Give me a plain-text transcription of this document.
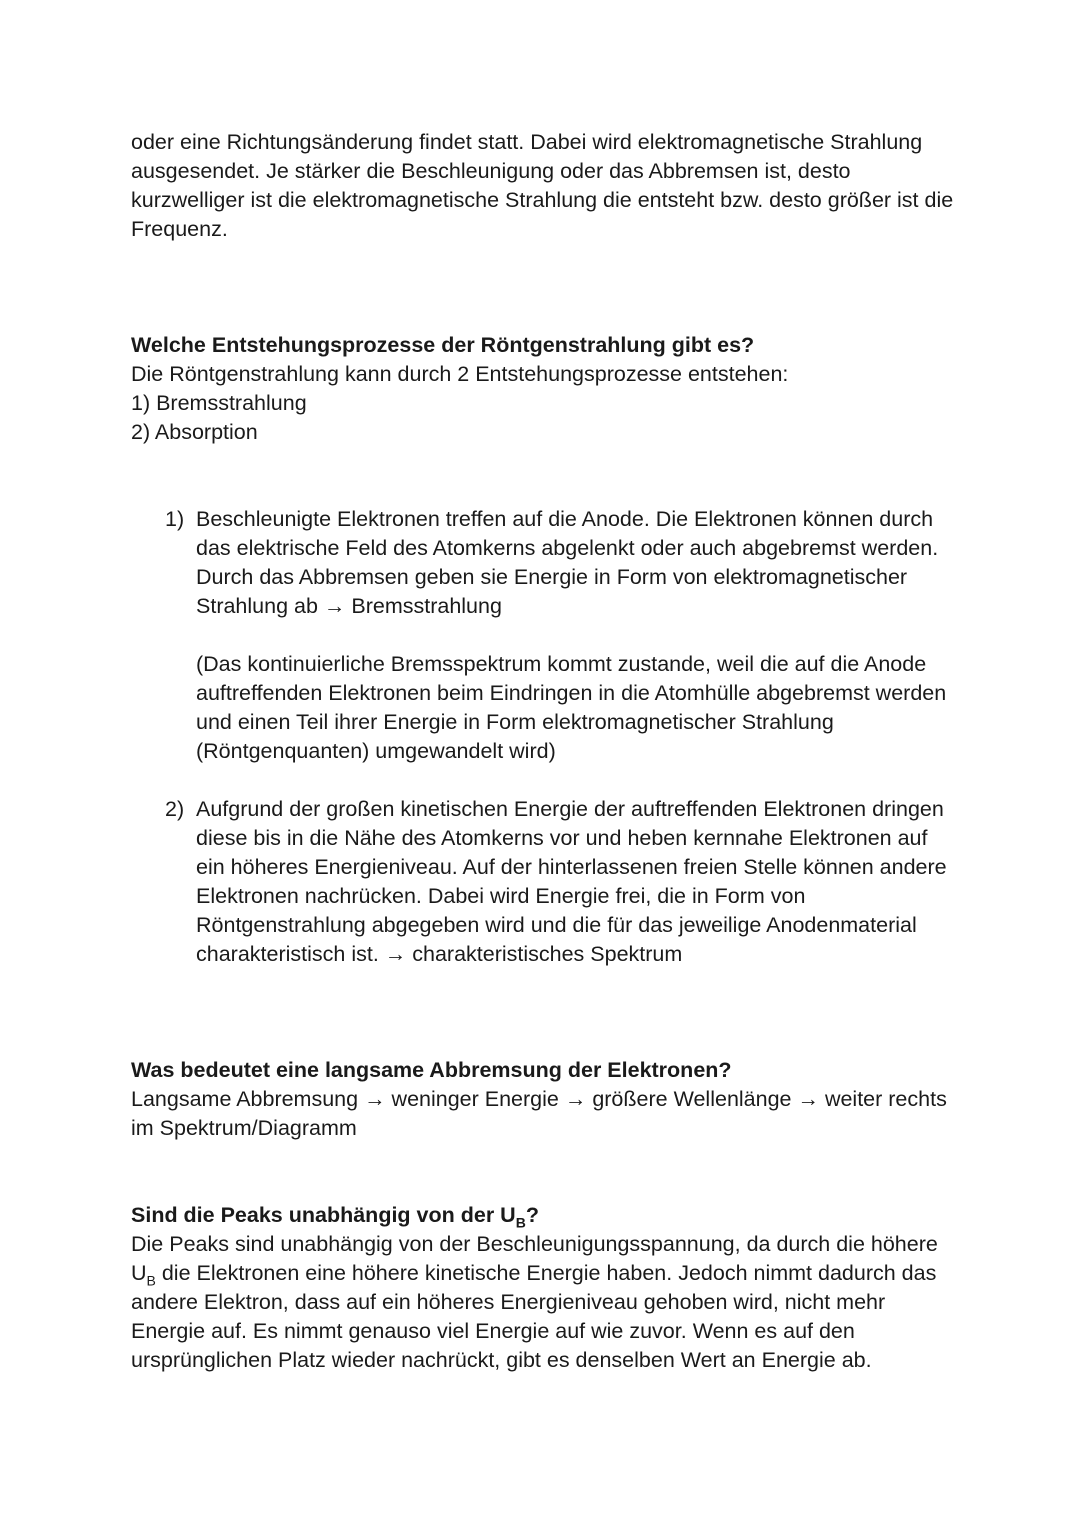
oder eine Richtungsänderung findet statt. Dabei wird elektromagnetische Strahlung ausgesendet. Je stärker die Beschleunigung oder das Abbremsen ist, desto kurzwelliger ist die elektromagnetische Strahlung die entsteht bzw. desto größer ist die Frequenz.

Welche Entstehungsprozesse der Röntgenstrahlung gibt es?

Die Röntgenstrahlung kann durch 2 Entstehungsprozesse entstehen:

1) Bremsstrahlung

2) Absorption

1) Beschleunigte Elektronen treffen auf die Anode. Die Elektronen können durch das elektrische Feld des Atomkerns abgelenkt oder auch abgebremst werden. Durch das Abbremsen geben sie Energie in Form von elektromagnetischer Strahlung ab → Bremsstrahlung

(Das kontinuierliche Bremsspektrum kommt zustande, weil die auf die Anode auftreffenden Elektronen beim Eindringen in die Atomhülle abgebremst werden und einen Teil ihrer Energie in Form elektromagnetischer Strahlung (Röntgenquanten) umgewandelt wird)

2) Aufgrund der großen kinetischen Energie der auftreffenden Elektronen dringen diese bis in die Nähe des Atomkerns vor und heben kernnahe Elektronen auf ein höheres Energieniveau. Auf der hinterlassenen freien Stelle können andere Elektronen nachrücken. Dabei wird Energie frei, die in Form von Röntgenstrahlung abgegeben wird und die für das jeweilige Anodenmaterial charakteristisch ist. → charakteristisches Spektrum

Was bedeutet eine langsame Abbremsung der Elektronen?

Langsame Abbremsung → weninger Energie → größere Wellenlänge → weiter rechts im Spektrum/Diagramm

Sind die Peaks unabhängig von der $U_B$?

Die Peaks sind unabhängig von der Beschleunigungsspannung, da durch die höhere $U_B$ die Elektronen eine höhere kinetische Energie haben. Jedoch nimmt dadurch das andere Elektron, dass auf ein höheres Energieniveau gehoben wird, nicht mehr Energie auf. Es nimmt genauso viel Energie auf wie zuvor. Wenn es auf den ursprünglichen Platz wieder nachrückt, gibt es denselben Wert an Energie ab.
